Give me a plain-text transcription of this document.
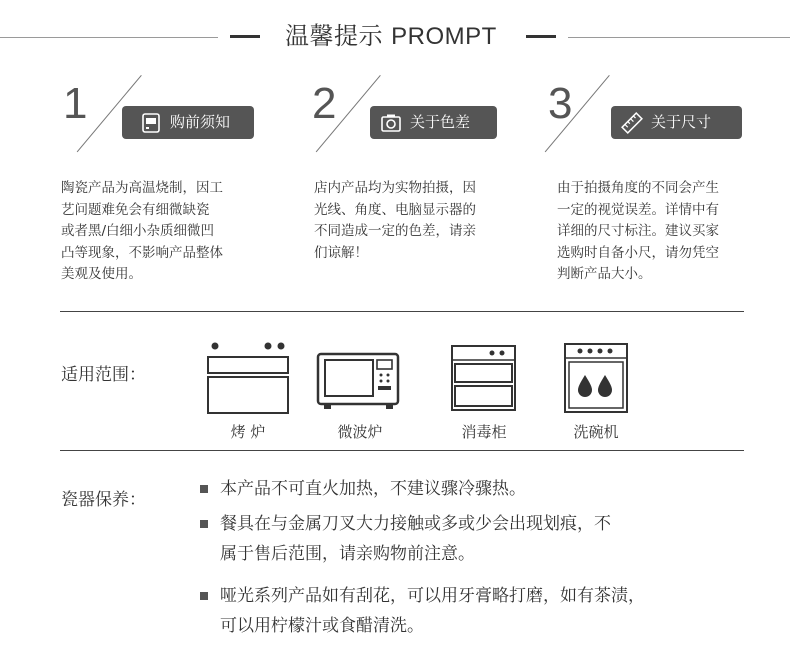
温馨提示 PROMPT
1	购前须知
陶瓷产品为高温烧制，因工
艺问题难免会有细微缺瓷
或者黑/白细小杂质细微凹
凸等现象，不影响产品整体
美观及使用。
2	关于色差
店内产品均为实物拍摄，因
光线、角度、电脑显示器的
不同造成一定的色差，请亲
们谅解！
3	关于尺寸
由于拍摄角度的不同会产生
一定的视觉误差。详情中有
详细的尺寸标注。建议买家
选购时自备小尺，请勿凭空
判断产品大小。
适用范围：
烤 炉	微波炉	消毒柜	洗碗机
瓷器保养：
本产品不可直火加热，不建议骤冷骤热。
餐具在与金属刀叉大力接触或多或少会出现划痕，不
属于售后范围，请亲购物前注意。
哑光系列产品如有刮花，可以用牙膏略打磨，如有茶渍，
可以用柠檬汁或食醋清洗。
